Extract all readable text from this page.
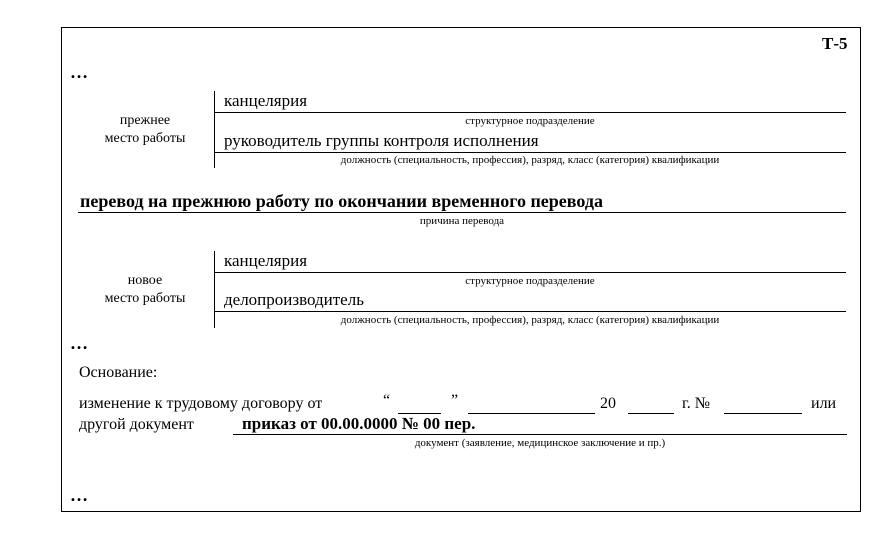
Т-5
…
прежнее
место работы
канцелярия
структурное подразделение
руководитель группы контроля исполнения
должность (специальность, профессия), разряд, класс (категория) квалификации
перевод на прежнюю работу по окончании временного перевода
причина перевода
новое
место работы
канцелярия
структурное подразделение
делопроизводитель
должность (специальность, профессия), разряд, класс (категория) квалификации
…
Основание:
изменение к трудовому договору от	“	”	20	г. №	или
другой документ	приказ от 00.00.0000 № 00 пер.
документ (заявление, медицинское заключение и пр.)
…
